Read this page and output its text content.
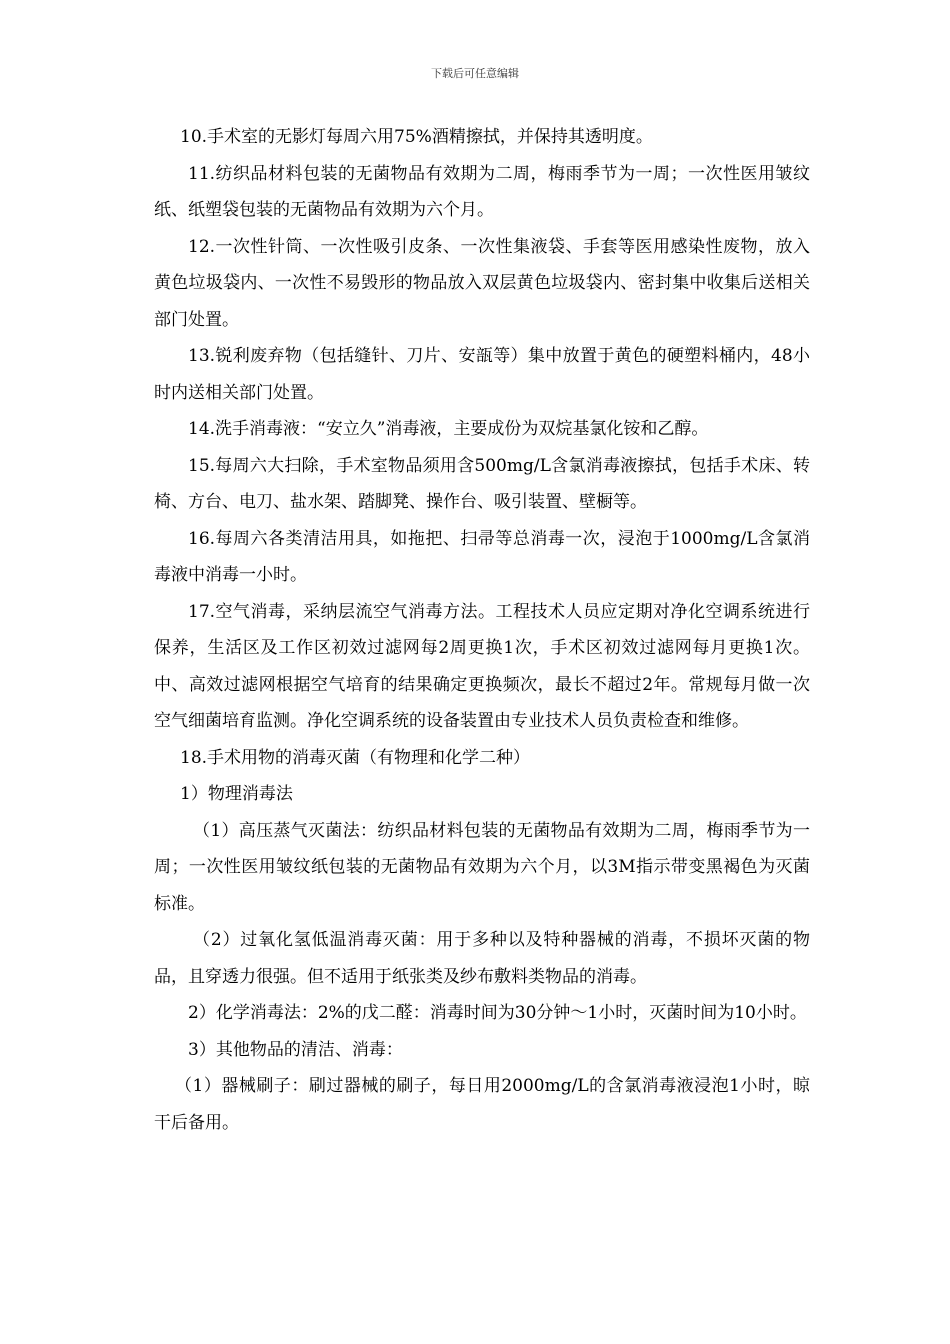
下载后可任意编辑

10.手术室的无影灯每周六用75%酒精擦拭，并保持其透明度。

11.纺织品材料包装的无菌物品有效期为二周，梅雨季节为一周；一次性医用皱纹纸、纸塑袋包装的无菌物品有效期为六个月。

12.一次性针筒、一次性吸引皮条、一次性集液袋、手套等医用感染性废物，放入黄色垃圾袋内、一次性不易毁形的物品放入双层黄色垃圾袋内、密封集中收集后送相关部门处置。

13.锐利废弃物（包括缝针、刀片、安瓿等）集中放置于黄色的硬塑料桶内，48小时内送相关部门处置。

14.洗手消毒液：“安立久”消毒液，主要成份为双烷基氯化铵和乙醇。

15.每周六大扫除，手术室物品须用含500mg/L含氯消毒液擦拭，包括手术床、转椅、方台、电刀、盐水架、踏脚凳、操作台、吸引装置、壁橱等。

16.每周六各类清洁用具，如拖把、扫帚等总消毒一次，浸泡于1000mg/L含氯消毒液中消毒一小时。

17.空气消毒，采纳层流空气消毒方法。工程技术人员应定期对净化空调系统进行保养，生活区及工作区初效过滤网每2周更换1次，手术区初效过滤网每月更换1次。中、高效过滤网根据空气培育的结果确定更换频次，最长不超过2年。常规每月做一次空气细菌培育监测。净化空调系统的设备装置由专业技术人员负责检查和维修。

18.手术用物的消毒灭菌（有物理和化学二种）

1）物理消毒法

（1）高压蒸气灭菌法：纺织品材料包装的无菌物品有效期为二周，梅雨季节为一周；一次性医用皱纹纸包装的无菌物品有效期为六个月，以3M指示带变黑褐色为灭菌标准。

（2）过氧化氢低温消毒灭菌：用于多种以及特种器械的消毒，不损坏灭菌的物品，且穿透力很强。但不适用于纸张类及纱布敷料类物品的消毒。

2）化学消毒法：2%的戊二醛：消毒时间为30分钟～1小时，灭菌时间为10小时。

3）其他物品的清洁、消毒：

（1）器械刷子：刷过器械的刷子，每日用2000mg/L的含氯消毒液浸泡1小时，晾干后备用。
